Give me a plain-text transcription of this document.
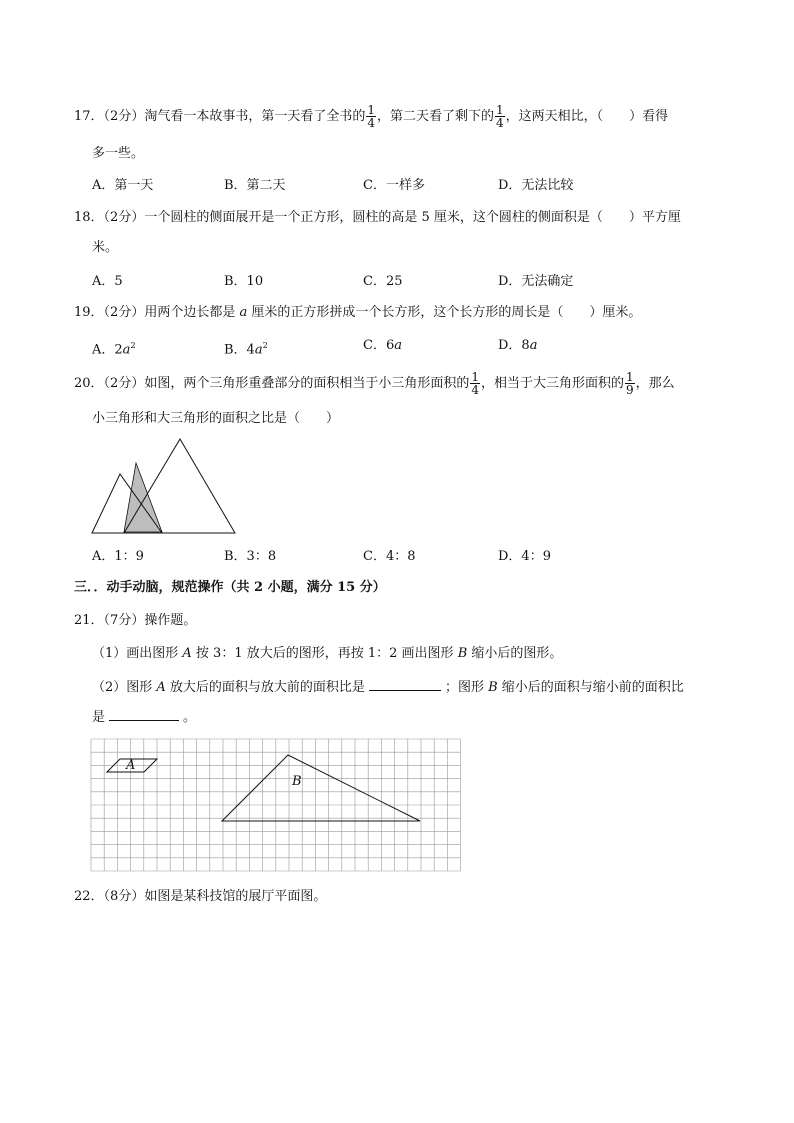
17．（2分）淘气看一本故事书，第一天看了全书的 $\frac{1}{4}$ ，第二天看了剩下的 $\frac{1}{4}$ ，这两天相比，（　　）看得
多一些。
A．第一天	B．第二天	C．一样多	D．无法比较
18．（2分）一个圆柱的侧面展开是一个正方形，圆柱的高是 5 厘米，这个圆柱的侧面积是（　　）平方厘
米。
A．5	B．10	C．25	D．无法确定
19．（2分）用两个边长都是 a 厘米的正方形拼成一个长方形，这个长方形的周长是（　　）厘米。
A．$2a^2$	B．$4a^2$	C．6a	D．8a
20．（2分）如图，两个三角形重叠部分的面积相当于小三角形面积的 $\frac{1}{4}$ ，相当于大三角形面积的 $\frac{1}{9}$ ，那么
小三角形和大三角形的面积之比是（　　）
A．1：9	B．3：8	C．4：8	D．4：9
三．．动手动脑，规范操作（共 2 小题，满分 15 分）
21．（7分）操作题。
（1）画出图形 A 按 3：1 放大后的图形，再按 1：2 画出图形 B 缩小后的图形。
（2）图形 A 放大后的面积与放大前的面积比是	；图形 B 缩小后的面积与缩小前的面积比
是	。
A
B
22．（8分）如图是某科技馆的展厅平面图。
